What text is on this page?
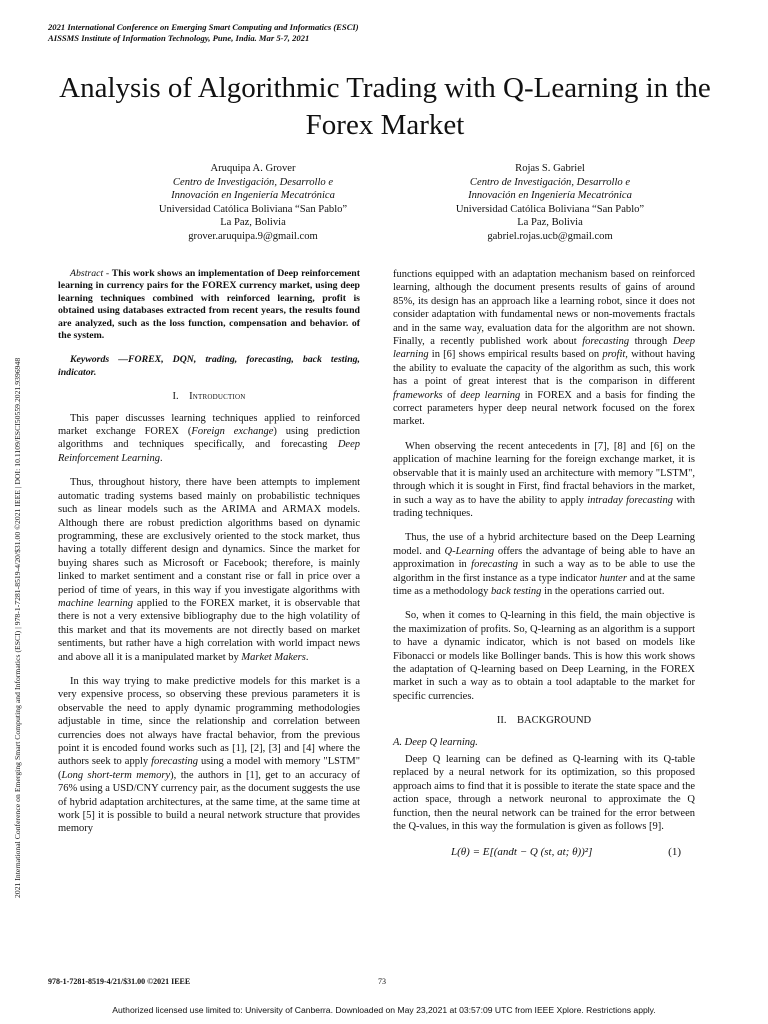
2021 International Conference on Emerging Smart Computing and Informatics (ESCI)
AISSMS Institute of Information Technology, Pune, India. Mar 5-7, 2021
2021 International Conference on Emerging Smart Computing and Informatics (ESCI) | 978-1-7281-8519-4/20/$31.00 ©2021 IEEE | DOI: 10.1109/ESCI50559.2021.9396948
Analysis of Algorithmic Trading with Q-Learning in the Forex Market
Aruquipa A. Grover
Centro de Investigación, Desarrollo e
Innovación en Ingeniería Mecatrónica
Universidad Católica Boliviana “San Pablo”
La Paz, Bolivia
grover.aruquipa.9@gmail.com
Rojas S. Gabriel
Centro de Investigación, Desarrollo e
Innovación en Ingeniería Mecatrónica
Universidad Católica Boliviana “San Pablo”
La Paz, Bolivia
gabriel.rojas.ucb@gmail.com

Abstract - This work shows an implementation of Deep reinforcement learning in currency pairs for the FOREX currency market, using deep learning techniques combined with reinforced learning, profit is obtained using databases extracted from recent years, the results found are analyzed, such as the loss function, compensation and behavior. of the system.

Keywords —FOREX, DQN, trading, forecasting, back testing, indicator.

I. Introduction

This paper discusses learning techniques applied to reinforced market exchange FOREX (Foreign exchange) using prediction algorithms and techniques specifically, and forecasting Deep Reinforcement Learning.

Thus, throughout history, there have been attempts to implement automatic trading systems based mainly on probabilistic techniques such as linear models such as the ARIMA and ARMAX models. Although there are robust prediction algorithms based on dynamic programming, these are exclusively oriented to the stock market, thus having a totally different design and dynamics. Since the market for buying shares such as Microsoft or Facebook; therefore, is mainly linked to market sentiment and a constant rise or fall in price over a period of time of years, in this way if you investigate algorithms with machine learning applied to the FOREX market, it is observable that there is not a very extensive bibliography due to the high volatility of this market and that its movements are not directly based on market sentiments, but rather have a high correlation with world impact news and above all it is a manipulated market by Market Makers.

In this way trying to make predictive models for this market is a very expensive process, so observing these previous parameters it is observable the need to apply dynamic programming methodologies adjustable in time, since the relationship and correlation between currencies does not always have fractal behavior, from the previous point it is encoded found works such as [1], [2], [3] and [4] where the authors seek to apply forecasting using a model with memory "LSTM" (Long short-term memory), the authors in [1], get to an accuracy of 76% using a USD/CNY currency pair, as the document suggests the use of hybrid adaptation architectures, at the same time, at the same time at work [5] it is possible to build a neural network structure that provides memory

functions equipped with an adaptation mechanism based on reinforced learning, although the document presents results of gains of around 85%, its design has an approach like a learning robot, since it does not consider adaptation with fundamental news or non-movements fractals and in the same way, evaluation data for the algorithm are not shown. Finally, a recently published work about forecasting through Deep learning in [6] shows empirical results based on profit, without having the ability to evaluate the capacity of the algorithm as such, this work has a point of great interest that is the comparison in different frameworks of deep learning in FOREX and a basis for finding the correct parameters hyper deep neural network focused on the forex market.

When observing the recent antecedents in [7], [8] and [6] on the application of machine learning for the foreign exchange market, it is observable that it is mainly used an architecture with memory "LSTM", through which it is sought in First, find fractal behaviors in the market, in such a way as to have the ability to apply intraday forecasting with trading techniques.

Thus, the use of a hybrid architecture based on the Deep Learning model. and Q-Learning offers the advantage of being able to have an approximation in forecasting in such a way as to be able to use the algorithm in the first instance as a type indicator hunter and at the same time as a methodology back testing in the operations carried out.

So, when it comes to Q-learning in this field, the main objective is the maximization of profits. So, Q-learning as an algorithm is a support to have a dynamic indicator, which is not based on models like Fibonacci or models like Bollinger bands. This is how this work shows the adaptation of Q-learning based on Deep Learning, in the FOREX market in such a way as to obtain a tool adaptable to the market for specific currencies.

II. BACKGROUND

A. Deep Q learning.

Deep Q learning can be defined as Q-learning with its Q-table replaced by a neural network for its optimization, so this proposed approach aims to find that it is possible to iterate the state space and the action space, through a network neuronal to approximate the Q function, then the neural network can be trained for the error between the Q-values, in this way the formulation is given as follows [9].

L(θ) = E[(andt − Q (st, at; θ))²]	(1)

978-1-7281-8519-4/21/$31.00 ©2021 IEEE	73
Authorized licensed use limited to: University of Canberra. Downloaded on May 23,2021 at 03:57:09 UTC from IEEE Xplore. Restrictions apply.
